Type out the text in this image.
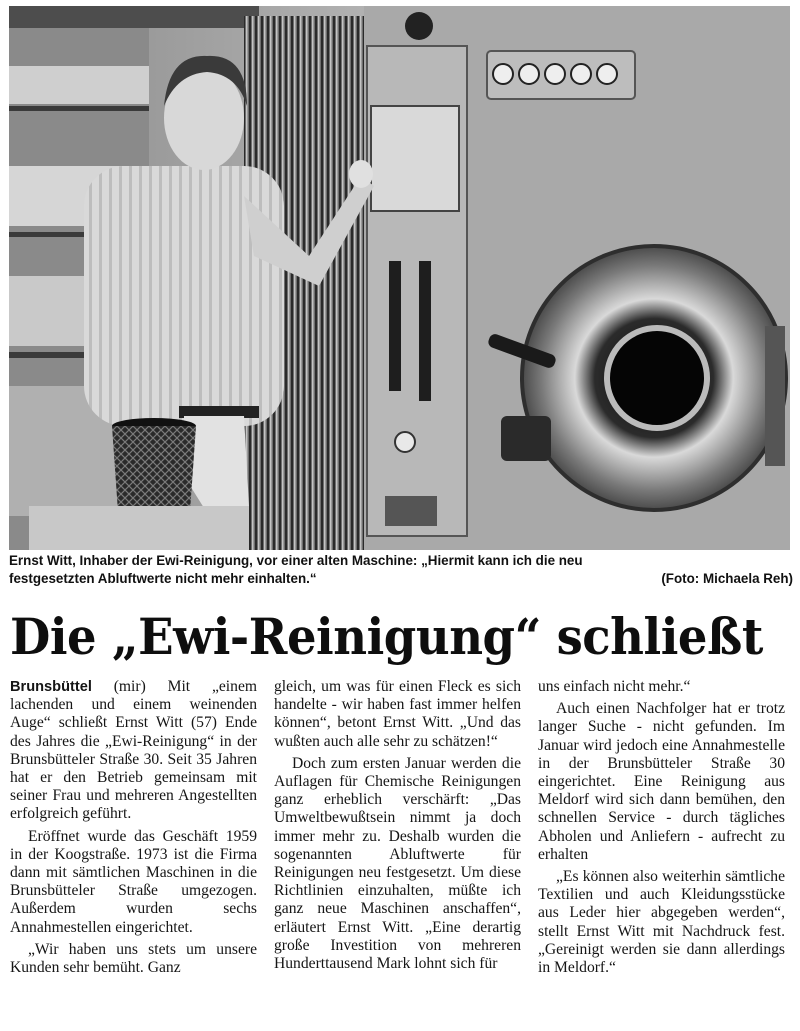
Ernst Witt, Inhaber der Ewi-Reinigung, vor einer alten Maschine: „Hiermit kann ich die neu
festgesetzten Abluftwerte nicht mehr einhalten.“	(Foto: Michaela Reh)
Die „Ewi-Reinigung“ schließt

Brunsbüttel (mir) Mit „einem lachenden und einem weinenden Auge“ schließt Ernst Witt (57) Ende des Jahres die „Ewi-Reinigung“ in der Brunsbütteler Straße 30. Seit 35 Jahren hat er den Betrieb gemeinsam mit seiner Frau und mehreren Angestellten erfolgreich geführt.

Eröffnet wurde das Geschäft 1959 in der Koogstraße. 1973 ist die Firma dann mit sämtlichen Maschinen in die Brunsbütteler Straße umgezogen. Außerdem wurden sechs Annahmestellen eingerichtet.

„Wir haben uns stets um unsere Kunden sehr bemüht. Ganz

gleich, um was für einen Fleck es sich handelte - wir haben fast immer helfen können“, betont Ernst Witt. „Und das wußten auch alle sehr zu schätzen!“

Doch zum ersten Januar werden die Auflagen für Chemische Reinigungen ganz erheblich verschärft: „Das Umweltbewußtsein nimmt ja doch immer mehr zu. Deshalb wurden die sogenannten Abluftwerte für Reinigungen neu festgesetzt. Um diese Richtlinien einzuhalten, müßte ich ganz neue Maschinen anschaffen“, erläutert Ernst Witt. „Eine derartig große Investition von mehreren Hunderttausend Mark lohnt sich für

uns einfach nicht mehr.“

Auch einen Nachfolger hat er trotz langer Suche - nicht gefunden. Im Januar wird jedoch eine Annahmestelle in der Brunsbütteler Straße 30 eingerichtet. Eine Reinigung aus Meldorf wird sich dann bemühen, den schnellen Service - durch tägliches Abholen und Anliefern - aufrecht zu erhalten

„Es können also weiterhin sämtliche Textilien und auch Kleidungsstücke aus Leder hier abgegeben werden“, stellt Ernst Witt mit Nachdruck fest. „Gereinigt werden sie dann allerdings in Meldorf.“
